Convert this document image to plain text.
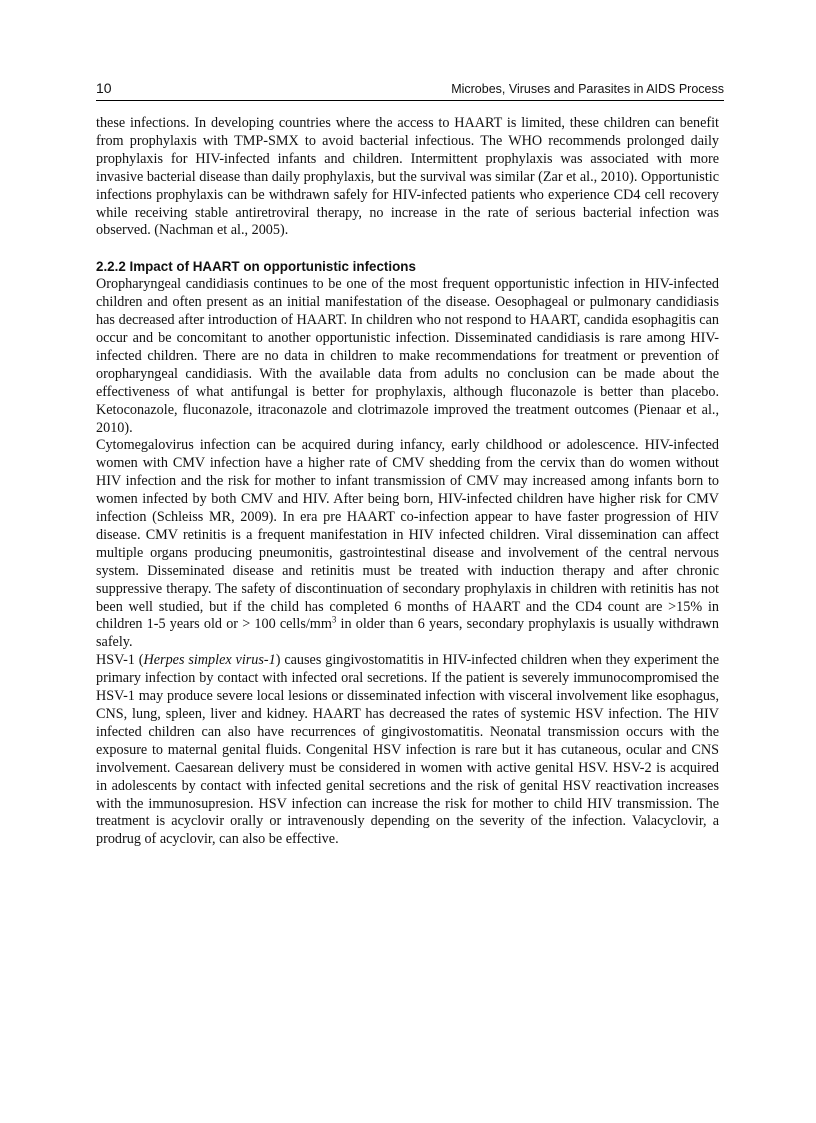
10	Microbes, Viruses and Parasites in AIDS Process

these infections. In developing countries where the access to HAART is limited, these children can benefit from prophylaxis with TMP-SMX to avoid bacterial infectious. The WHO recommends prolonged daily prophylaxis for HIV-infected infants and children. Intermittent prophylaxis was associated with more invasive bacterial disease than daily prophylaxis, but the survival was similar (Zar et al., 2010). Opportunistic infections prophylaxis can be withdrawn safely for HIV-infected patients who experience CD4 cell recovery while receiving stable antiretroviral therapy, no increase in the rate of serious bacterial infection was observed. (Nachman et al., 2005).

2.2.2 Impact of HAART on opportunistic infections

Oropharyngeal candidiasis continues to be one of the most frequent opportunistic infection in HIV-infected children and often present as an initial manifestation of the disease. Oesophageal or pulmonary candidiasis has decreased after introduction of HAART. In children who not respond to HAART, candida esophagitis can occur and be concomitant to another opportunistic infection. Disseminated candidiasis is rare among HIV-infected children. There are no data in children to make recommendations for treatment or prevention of oropharyngeal candidiasis. With the available data from adults no conclusion can be made about the effectiveness of what antifungal is better for prophylaxis, although fluconazole is better than placebo. Ketoconazole, fluconazole, itraconazole and clotrimazole improved the treatment outcomes (Pienaar et al., 2010).

Cytomegalovirus infection can be acquired during infancy, early childhood or adolescence. HIV-infected women with CMV infection have a higher rate of CMV shedding from the cervix than do women without HIV infection and the risk for mother to infant transmission of CMV may increased among infants born to women infected by both CMV and HIV. After being born, HIV-infected children have higher risk for CMV infection (Schleiss MR, 2009). In era pre HAART co-infection appear to have faster progression of HIV disease. CMV retinitis is a frequent manifestation in HIV infected children. Viral dissemination can affect multiple organs producing pneumonitis, gastrointestinal disease and involvement of the central nervous system. Disseminated disease and retinitis must be treated with induction therapy and after chronic suppressive therapy. The safety of discontinuation of secondary prophylaxis in children with retinitis has not been well studied, but if the child has completed 6 months of HAART and the CD4 count are >15% in children 1-5 years old or > 100 cells/$mm^3$ in older than 6 years, secondary prophylaxis is usually withdrawn safely.

HSV-1 (Herpes simplex virus-1) causes gingivostomatitis in HIV-infected children when they experiment the primary infection by contact with infected oral secretions. If the patient is severely immunocompromised the HSV-1 may produce severe local lesions or disseminated infection with visceral involvement like esophagus, CNS, lung, spleen, liver and kidney. HAART has decreased the rates of systemic HSV infection. The HIV infected children can also have recurrences of gingivostomatitis. Neonatal transmission occurs with the exposure to maternal genital fluids. Congenital HSV infection is rare but it has cutaneous, ocular and CNS involvement. Caesarean delivery must be considered in women with active genital HSV. HSV-2 is acquired in adolescents by contact with infected genital secretions and the risk of genital HSV reactivation increases with the immunosupresion. HSV infection can increase the risk for mother to child HIV transmission. The treatment is acyclovir orally or intravenously depending on the severity of the infection. Valacyclovir, a prodrug of acyclovir, can also be effective.
